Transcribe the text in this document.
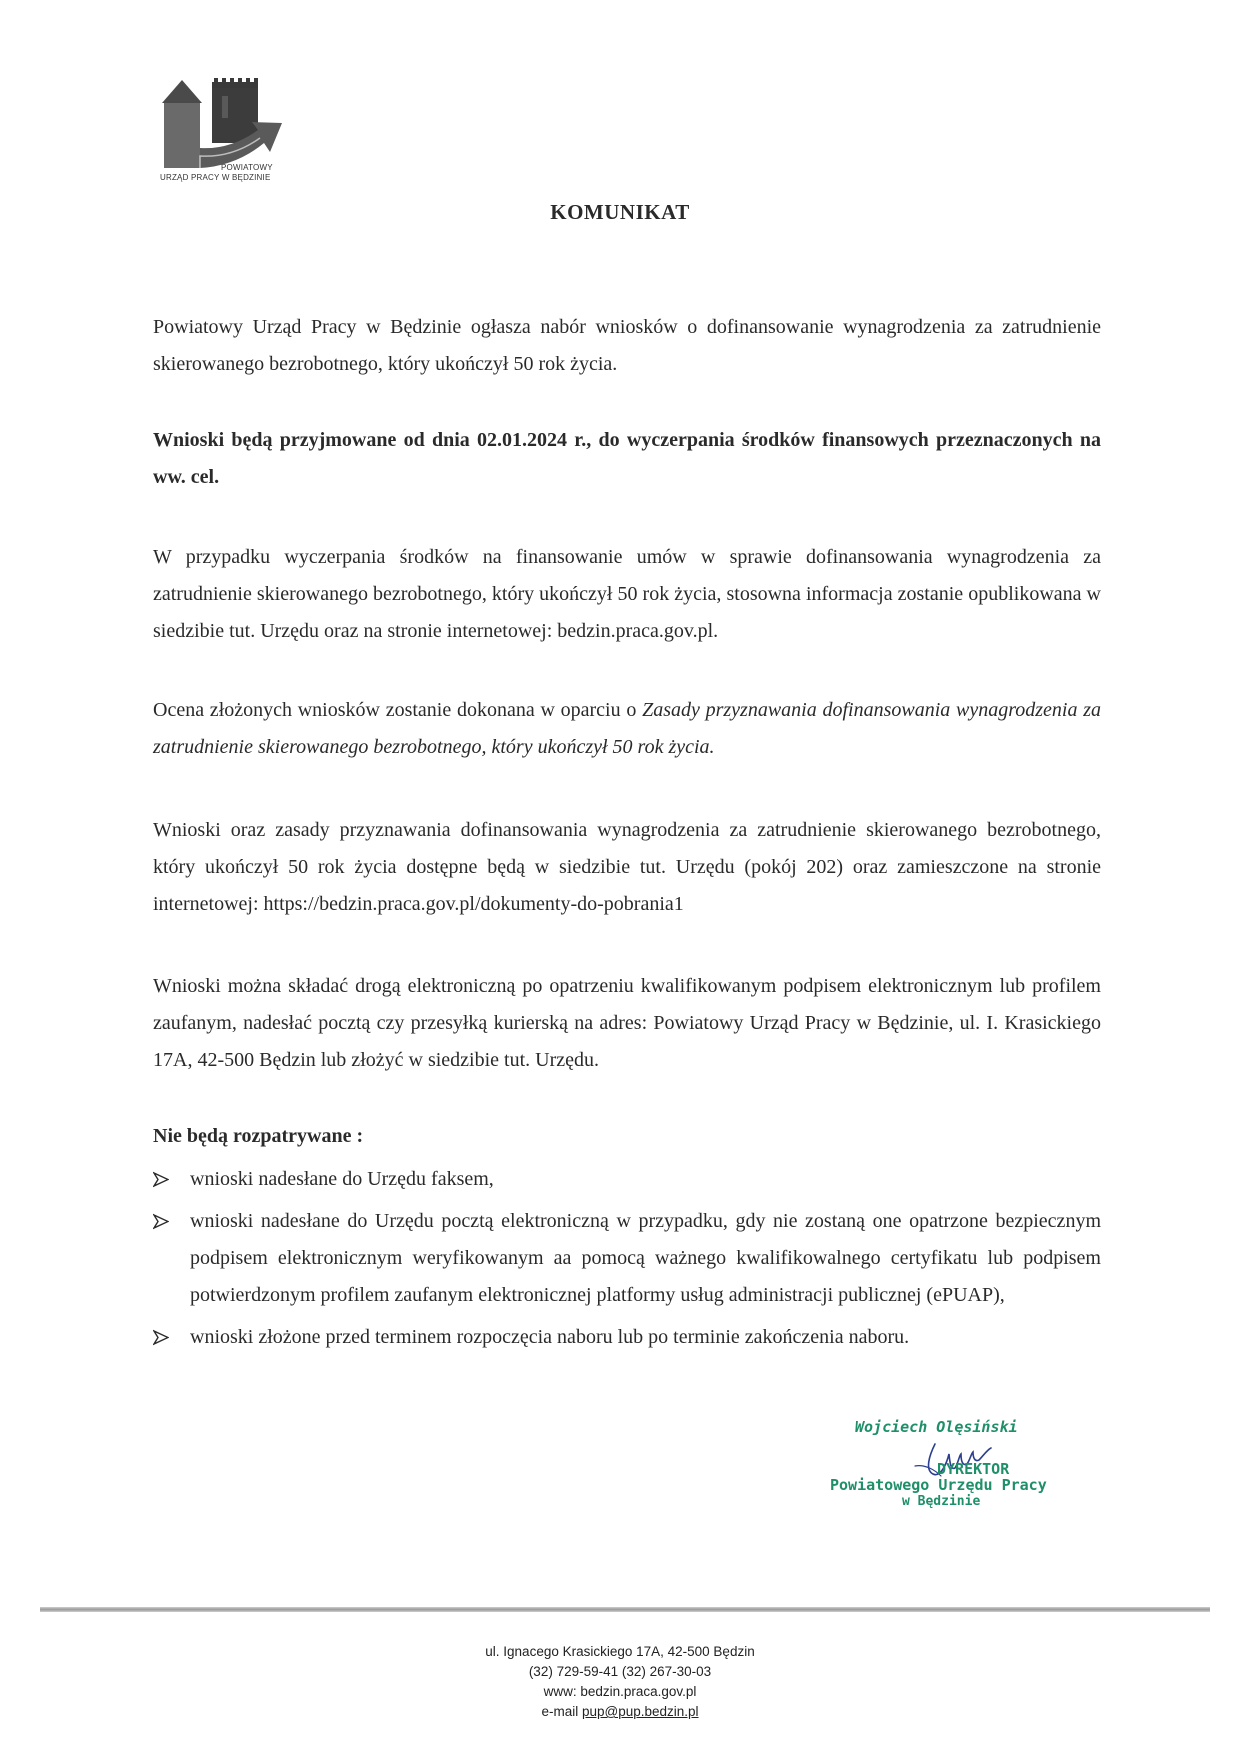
POWIATOWY
URZĄD PRACY W BĘDZINIE
KOMUNIKAT

Powiatowy Urząd Pracy w Będzinie ogłasza nabór wniosków o dofinansowanie wynagrodzenia za zatrudnienie skierowanego bezrobotnego, który ukończył 50 rok życia.

Wnioski będą przyjmowane od dnia 02.01.2024 r., do wyczerpania środków finansowych przeznaczonych na ww. cel.

W przypadku wyczerpania środków na finansowanie umów w sprawie dofinansowania wynagrodzenia za zatrudnienie skierowanego bezrobotnego, który ukończył 50 rok życia, stosowna informacja zostanie opublikowana w siedzibie tut. Urzędu oraz na stronie internetowej: bedzin.praca.gov.pl.

Ocena złożonych wniosków zostanie dokonana w oparciu o Zasady przyznawania dofinansowania wynagrodzenia za zatrudnienie skierowanego bezrobotnego, który ukończył 50 rok życia.

Wnioski oraz zasady przyznawania dofinansowania wynagrodzenia za zatrudnienie skierowanego bezrobotnego, który ukończył 50 rok życia dostępne będą w siedzibie tut. Urzędu (pokój 202) oraz zamieszczone na stronie internetowej: https://bedzin.praca.gov.pl/dokumenty-do-pobrania1

Wnioski można składać drogą elektroniczną po opatrzeniu kwalifikowanym podpisem elektronicznym lub profilem zaufanym, nadesłać pocztą czy przesyłką kurierską na adres: Powiatowy Urząd Pracy w Będzinie, ul. I. Krasickiego 17A, 42-500 Będzin lub złożyć w siedzibie tut. Urzędu.

Nie będą rozpatrywane :
wnioski nadesłane do Urzędu faksem,
wnioski nadesłane do Urzędu pocztą elektroniczną w przypadku, gdy nie zostaną one opatrzone bezpiecznym podpisem elektronicznym weryfikowanym aa pomocą ważnego kwalifikowalnego certyfikatu lub podpisem potwierdzonym profilem zaufanym elektronicznej platformy usług administracji publicznej (ePUAP),
wnioski złożone przed terminem rozpoczęcia naboru lub po terminie zakończenia naboru.
Wojciech Olęsiński
DYREKTOR
Powiatowego Urzędu Pracy
w Będzinie
ul. Ignacego Krasickiego 17A, 42-500 Będzin
(32) 729-59-41 (32) 267-30-03
www: bedzin.praca.gov.pl
e-mail pup@pup.bedzin.pl
